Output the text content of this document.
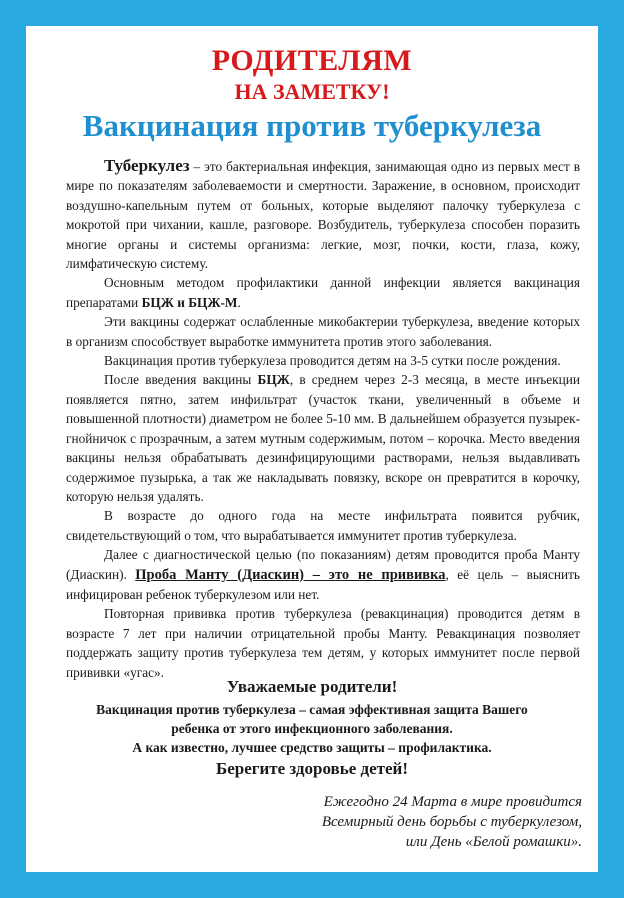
РОДИТЕЛЯМ
НА ЗАМЕТКУ!
Вакцинация против туберкулеза

Туберкулез – это бактериальная инфекция, занимающая одно из первых мест в мире по показателям заболеваемости и смертности. Заражение, в основном, происходит воздушно-капельным путем от больных, которые выделяют палочку туберкулеза с мокротой при чихании, кашле, разговоре. Возбудитель, туберкулеза способен поразить многие органы и системы организма: легкие, мозг, почки, кости, глаза, кожу, лимфатическую систему.

Основным методом профилактики данной инфекции является вакцинация препаратами БЦЖ и БЦЖ-М.

Эти вакцины содержат ослабленные микобактерии туберкулеза, введение которых в организм способствует выработке иммунитета против этого заболевания.

Вакцинация против туберкулеза проводится детям на 3-5 сутки после рождения.

После введения вакцины БЦЖ, в среднем через 2-3 месяца, в месте инъекции появляется пятно, затем инфильтрат (участок ткани, увеличенный в объеме и повышенной плотности) диаметром не более 5-10 мм. В дальнейшем образуется пузырек-гнойничок с прозрачным, а затем мутным содержимым, потом – корочка. Место введения вакцины нельзя обрабатывать дезинфицирующими растворами, нельзя выдавливать содержимое пузырька, а так же накладывать повязку, вскоре он превратится в корочку, которую нельзя удалять.

В возрасте до одного года на месте инфильтрата появится рубчик, свидетельствующий о том, что вырабатывается иммунитет против туберкулеза.

Далее с диагностической целью (по показаниям) детям проводится проба Манту (Диаскин). Проба Манту (Диаскин) – это не прививка, её цель – выяснить инфицирован ребенок туберкулезом или нет.

Повторная прививка против туберкулеза (ревакцинация) проводится детям в возрасте 7 лет при наличии отрицательной пробы Манту. Ревакцинация позволяет поддержать защиту против туберкулеза тем детям, у которых иммунитет после первой прививки «угас».

Уважаемые родители!
Вакцинация против туберкулеза – самая эффективная защита Вашего
ребенка от этого инфекционного заболевания.
А как известно, лучшее средство защиты – профилактика.
Берегите здоровье детей!
Ежегодно 24 Марта в мире провидится
Всемирный день борьбы с туберкулезом,
или День «Белой ромашки».
